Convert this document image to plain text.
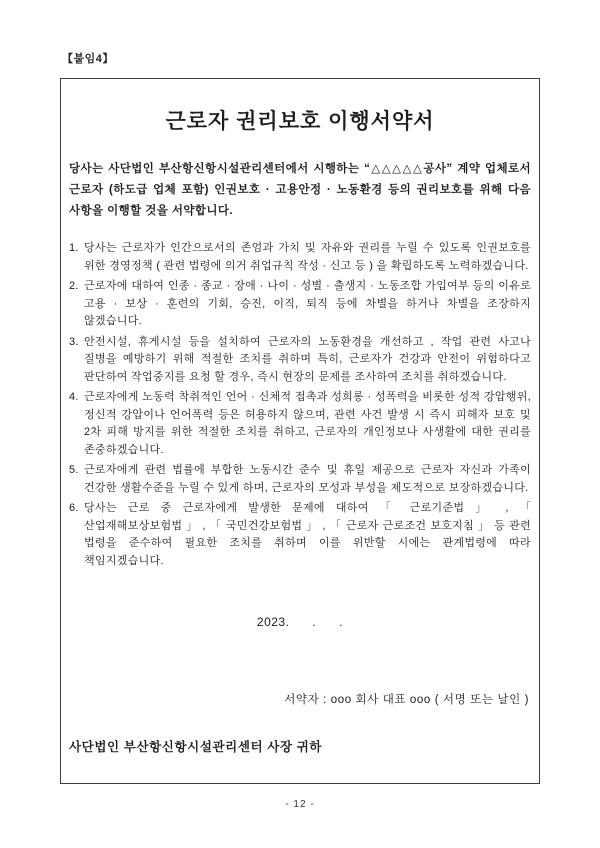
【붙임4】
근로자 권리보호 이행서약서

당사는 사단법인 부산항신항시설관리센터에서 시행하는 “△△△△△공사” 계약 업체로서 근로자 (하도급 업체 포함) 인권보호 · 고용안정 · 노동환경 등의 권리보호를 위해 다음 사항을 이행할 것을 서약합니다.

1. 당사는 근로자가 인간으로서의 존엄과 가치 및 자유와 권리를 누릴 수 있도록 인권보호를 위한 경영정책 ( 관련 법령에 의거 취업규칙 작성 · 신고 등 ) 을 확립하도록 노력하겠습니다.
2. 근로자에 대하여 인종 · 종교 · 장애 · 나이 · 성별 · 출생지 · 노동조합 가입여부 등의 이유로 고용 · 보상 · 훈련의 기회, 승진, 이직, 퇴직 등에 차별을 하거나 차별을 조장하지 않겠습니다.
3. 안전시설, 휴게시설 등을 설치하여 근로자의 노동환경을 개선하고 , 작업 관련 사고나 질병을 예방하기 위해 적절한 조치를 취하며 특히, 근로자가 건강과 안전이 위험하다고 판단하여 작업중지를 요청 할 경우, 즉시 현장의 문제를 조사하여 조치를 취하겠습니다.
4. 근로자에게 노동력 착취적인 언어 · 신체적 접촉과 성희롱 · 성폭력을 비롯한 성적 강압행위, 정신적 강압이나 언어폭력 등은 허용하지 않으며, 관련 사건 발생 시 즉시 피해자 보호 및 2차 피해 방지를 위한 적절한 조치를 취하고, 근로자의 개인정보나 사생활에 대한 권리를 존중하겠습니다.
5. 근로자에게 관련 법률에 부합한 노동시간 준수 및 휴일 제공으로 근로자 자신과 가족이 건강한 생활수준을 누릴 수 있게 하며, 근로자의 모성과 부성을 제도적으로 보장하겠습니다.
6. 당사는 근로 중 근로자에게 발생한 문제에 대하여 「 근로기준법 」 , 「 산업재해보상보험법 」 , 「 국민건강보험법 」 , 「 근로자 근로조건 보호지침 」 등 관련 법령을 준수하여 필요한 조치를 취하며 이를 위반할 시에는 관계법령에 따라 책임지겠습니다.
2023.      .      .
서약자 : ooo 회사 대표 ooo ( 서명 또는 날인 )
사단법인 부산항신항시설관리센터 사장 귀하
- 12 -
